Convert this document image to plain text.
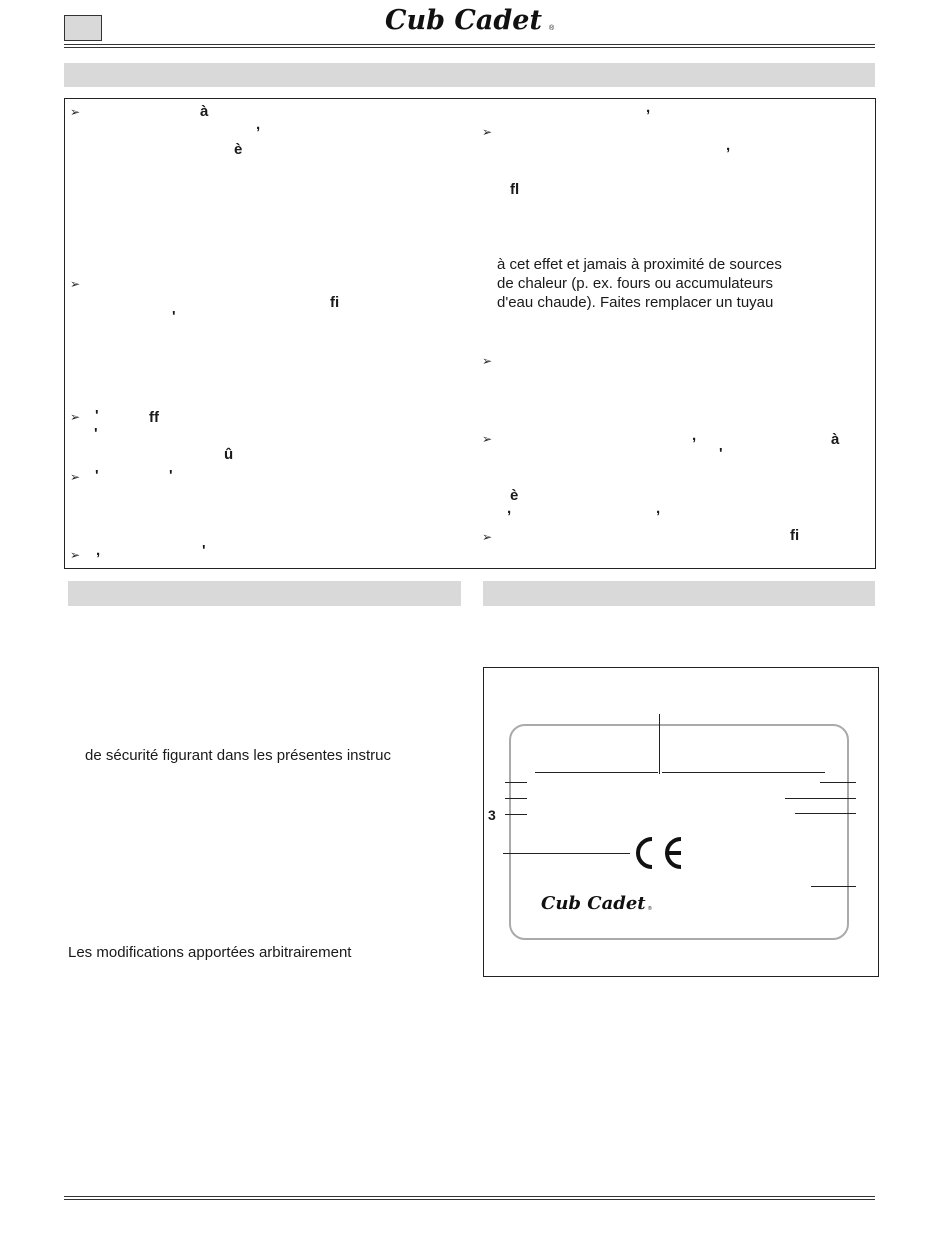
Cub Cadet ®
➢
➢
➢
➢
➢
à
,
è
fi
'
'	ff
'
û
'	'
,	'
➢
➢
➢
➢
,
,
fl
,	à
'
è
,	,
fi
à cet effet et jamais à proximité de sources
de chaleur (p. ex. fours ou accumulateurs
d'eau chaude). Faites remplacer un tuyau
de sécurité figurant dans les présentes instruc
Les modifications apportées arbitrairement
3
Cub Cadet ®
